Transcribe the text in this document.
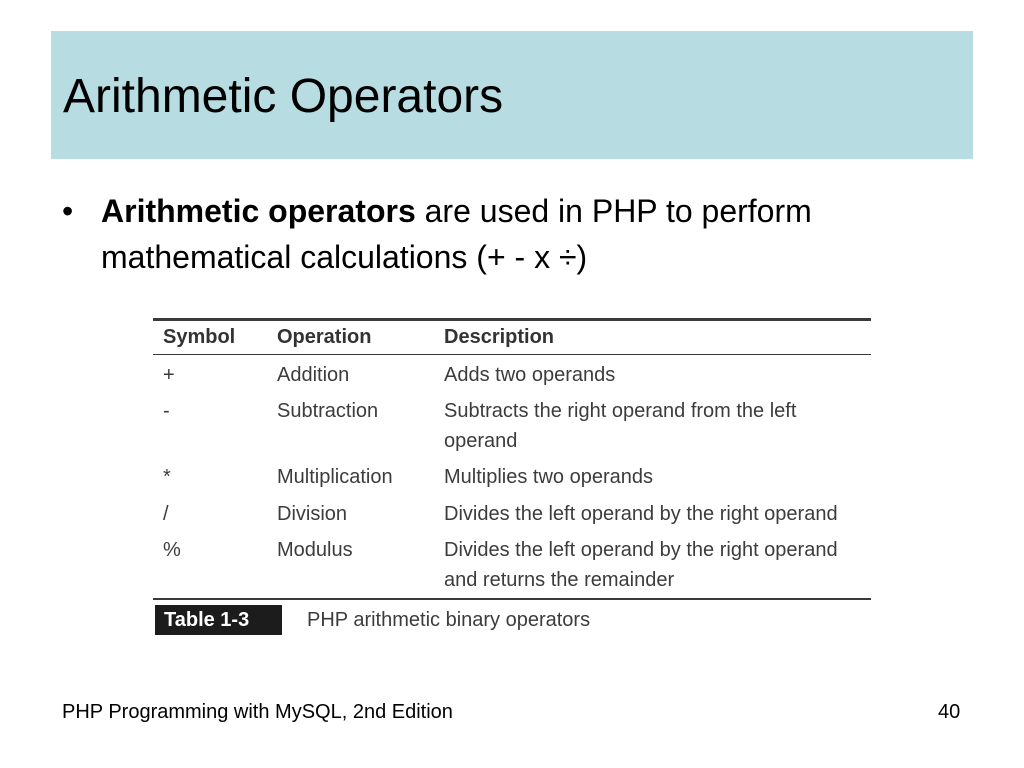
Arithmetic Operators
• Arithmetic operators are used in PHP to perform mathematical calculations (+ - x ÷)
Symbol Operation	Description
+	Addition	Adds two operands
-	Subtraction	Subtracts the right operand from the left operand
*	Multiplication	Multiplies two operands
/	Division	Divides the left operand by the right operand
%	Modulus	Divides the left operand by the right operand and returns the remainder
Table 1-3	PHP arithmetic binary operators
PHP Programming with MySQL, 2nd Edition	40
